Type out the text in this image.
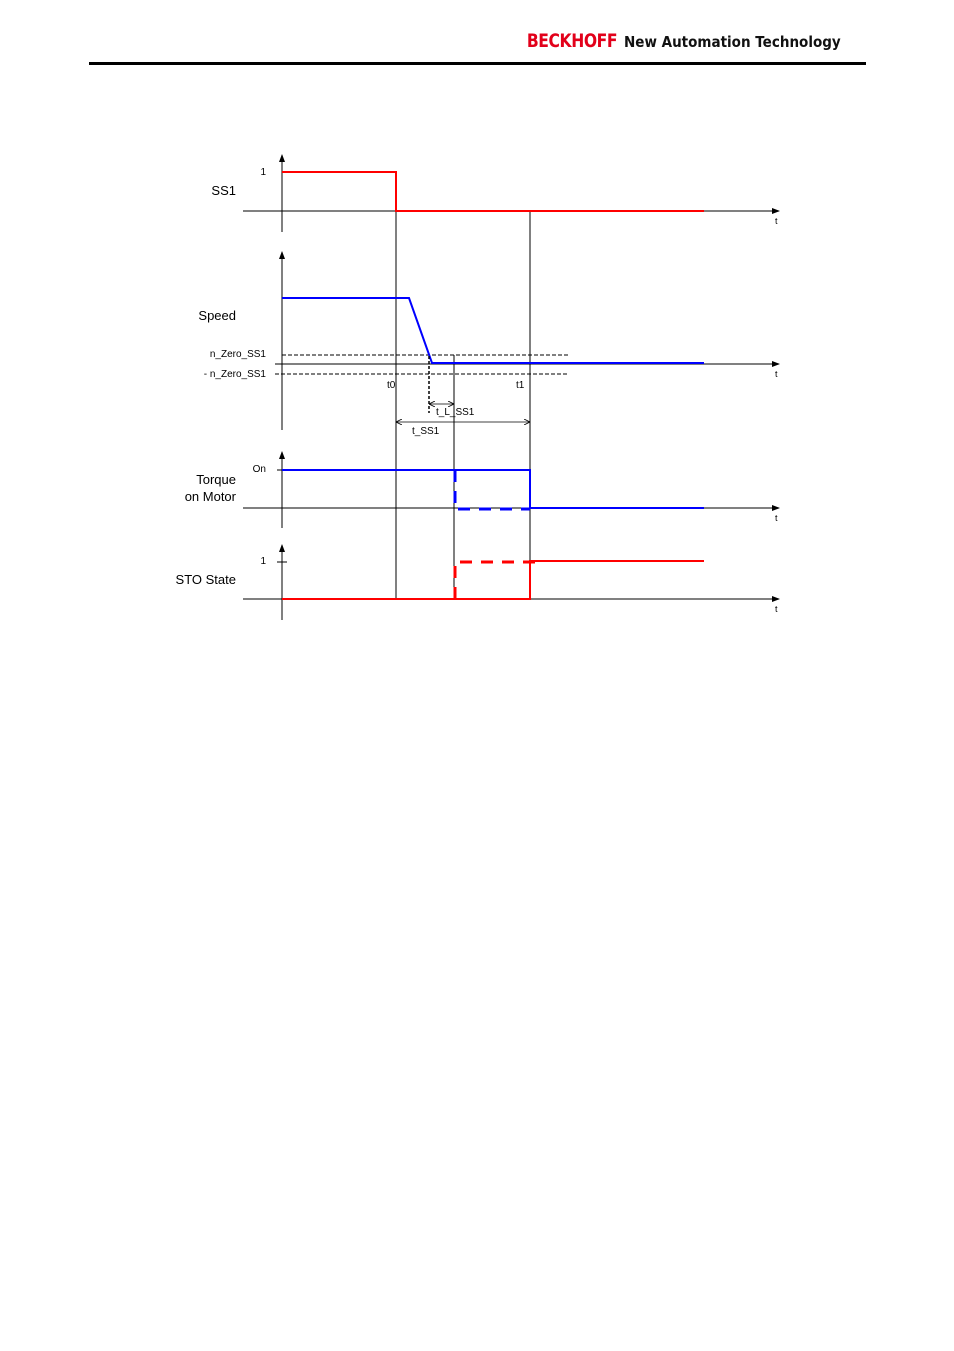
BECKHOFF New Automation Technology
t
1
SS1
t
Speed
n_Zero_SS1
- n_Zero_SS1
t0	t1
t_L_SS1
t_SS1
t
On
Torque
on Motor
t
1
STO State
